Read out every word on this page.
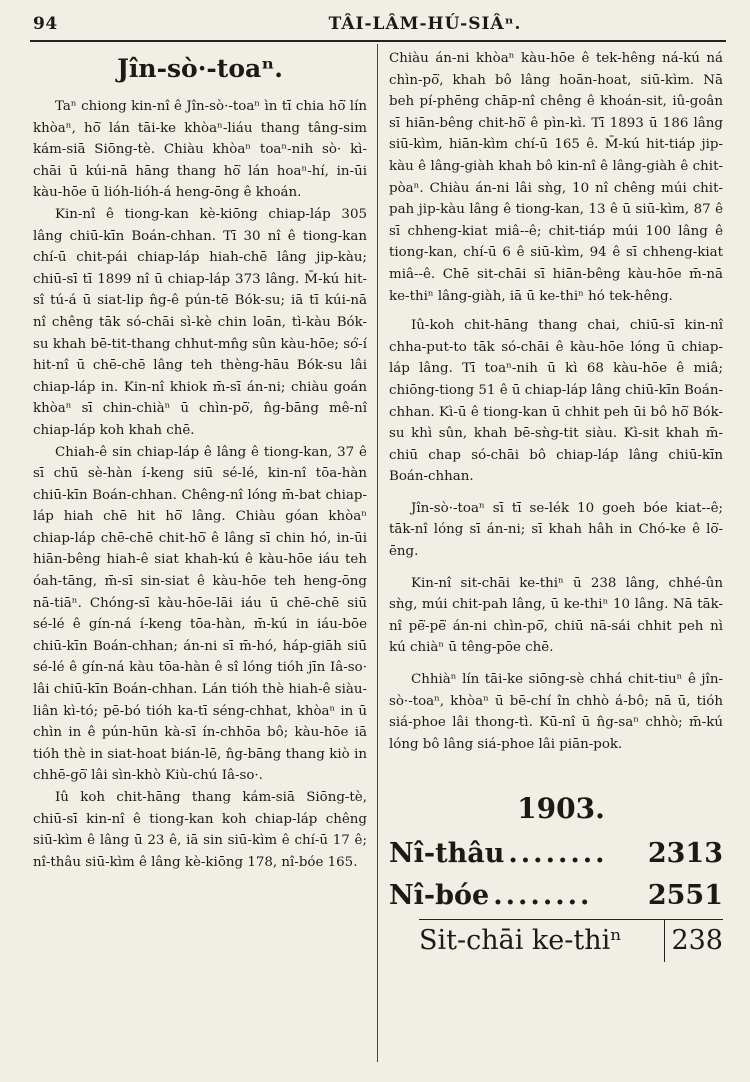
94	TÂI-LÂM-HÚ-SIÂⁿ.
Jîn-sò·-toaⁿ.

Taⁿ chiong kin-nî ê Jîn-sò·-toaⁿ ìn tī chia hō͘ lín khòaⁿ, hō͘ lán tāi-ke khòaⁿ-liáu thang tâng-sim kám-siā Siōng-tè. Chiàu khòaⁿ toaⁿ-nih sò· kì-chāi ū kúi-nā hāng thang hō͘ lán hoaⁿ-hí, in-ūi kàu-hōe ū lióh-lióh-á heng-ōng ê khoán.

Kin-nî ê tiong-kan kè-kiōng chiap-láp 305 lâng chiū-kīn Boán-chhan. Tī 30 nî ê tiong-kan chí-ū chit-pái chiap-láp hiah-chē lâng jip-kàu; chiū-sī tī 1899 nî ū chiap-láp 373 lâng. M̄-kú hit-sî tú-á ū siat-lip n̂g-ê pún-tē Bók-su; iā tī kúi-nā nî chêng tāk só-chāi sì-kè chin loān, tì-kàu Bók-su khah bē-tit-thang chhut-mn̂g sûn kàu-hōe; só͘-í hit-nî ū chē-chē lâng teh thèng-hāu Bók-su lâi chiap-láp in. Kin-nî khiok m̄-sī án-ni; chiàu goán khòaⁿ sī chin-chiàⁿ ū chìn-pō͘, n̂g-bāng mê-nî chiap-láp koh khah chē.

Chiah-ê sin chiap-láp ê lâng ê tiong-kan, 37 ê sī chū sè-hàn í-keng siū sé-lé, kin-nî tōa-hàn chiū-kīn Boán-chhan. Chêng-nî lóng m̄-bat chiap-láp hiah chē hit hō͘ lâng. Chiàu góan khòaⁿ chiap-láp chē-chē chit-hō͘ ê lâng sī chin hó, in-ūi hiān-bêng hiah-ê siat khah-kú ê kàu-hōe iáu teh óah-tāng, m̄-sī sin-siat ê kàu-hōe teh heng-ōng nā-tiāⁿ. Chóng-sī kàu-hōe-lāi iáu ū chē-chē siū sé-lé ê gín-ná í-keng tōa-hàn, m̄-kú in iáu-bōe chiū-kīn Boán-chhan; án-ni sī m̄-hó, háp-giāh siū sé-lé ê gín-ná kàu tōa-hàn ê sî lóng tióh jīn Iâ-so· lâi chiū-kīn Boán-chhan. Lán tióh thè hiah-ê siàu-liân kì-tó; pē-bó tióh ka-tī séng-chhat, khòaⁿ in ū chìn in ê pún-hūn kà-sī ín-chhōa bô; kàu-hōe iā tióh thè in siat-hoat bián-lē, n̂g-bāng thang kiò in chhē-gō͘ lâi sìn-khò Kiù-chú Iâ-so·.

Iû koh chit-hāng thang kám-siā Siōng-tè, chiū-sī kin-nî ê tiong-kan koh chiap-láp chêng siū-kìm ê lâng ū 23 ê, iā sin siū-kìm ê chí-ū 17 ê; nî-thâu siū-kìm ê lâng kè-kiōng 178, nî-bóe 165.

Chiàu án-ni khòaⁿ kàu-hōe ê tek-hêng ná-kú ná chìn-pō͘, khah bô lâng hoān-hoat, siū-kìm. Nā beh pí-phēng chāp-nî chêng ê khoán-sit, iû-goân sī hiān-bêng chit-hō͘ ê pìn-kì. Tī 1893 ū 186 lâng siū-kìm, hiān-kìm chí-ū 165 ê. M̄-kú hit-tiáp jip-kàu ê lâng-giàh khah bô kin-nî ê lâng-giàh ê chit-pòaⁿ. Chiàu án-ni lâi sǹg, 10 nî chêng múi chit-pah jip-kàu lâng ê tiong-kan, 13 ê ū siū-kìm, 87 ê sī chheng-kiat miâ--ê; chit-tiáp múi 100 lâng ê tiong-kan, chí-ū 6 ê siū-kìm, 94 ê sī chheng-kiat miâ--ê. Chē sit-chāi sī hiān-bêng kàu-hōe m̄-nā ke-thiⁿ lâng-giàh, iā ū ke-thiⁿ hó tek-hêng.

Iû-koh chit-hāng thang chai, chiū-sī kin-nî chha-put-to tāk só-chāi ê kàu-hōe lóng ū chiap-láp lâng. Tī toaⁿ-nih ū kì 68 kàu-hōe ê miâ; chiōng-tiong 51 ê ū chiap-láp lâng chiū-kīn Boán-chhan. Kì-ū ê tiong-kan ū chhit peh ūi bô hō͘ Bók-su khì sûn, khah bē-sǹg-tit siàu. Kì-sit khah m̄-chiū chap só-chāi bô chiap-láp lâng chiū-kīn Boán-chhan.

Jîn-sò·-toaⁿ sī tī se-lék 10 goeh bóe kiat--ê; tāk-nî lóng sī án-ni; sī khah hâh in Chó-ke ê lō͘-ēng.

Kin-nî sit-chāi ke-thiⁿ ū 238 lâng, chhé-ûn sǹg, múi chit-pah lâng, ū ke-thiⁿ 10 lâng. Nā tāk-nî pē͘-pē͘ án-ni chìn-pō͘, chiū nā-sái chhit peh nì kú chiàⁿ ū têng-pōe chē.

Chhiàⁿ lín tāi-ke siōng-sè chhá chit-tiuⁿ ê jîn-sò·-toaⁿ, khòaⁿ ū bē-chí în chhò á-bô; nā ū, tióh siá-phoe lâi thong-tì. Kū-nî ū n̂g-saⁿ chhò; m̄-kú lóng bô lâng siá-phoe lâi piān-pok.

1903.
Nî-thâu ........	2313
Nî-bóe ........	2551
Sit-chāi ke-thiⁿ 238
